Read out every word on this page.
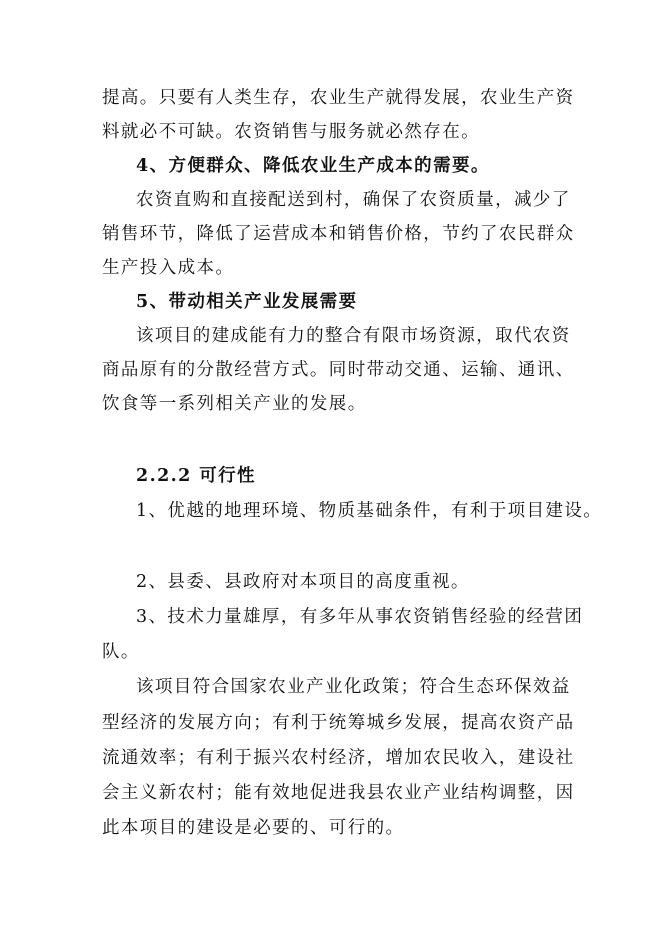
提高。只要有人类生存，农业生产就得发展，农业生产资
料就必不可缺。农资销售与服务就必然存在。
4、方便群众、降低农业生产成本的需要。
农资直购和直接配送到村，确保了农资质量，减少了
销售环节，降低了运营成本和销售价格，节约了农民群众
生产投入成本。
5、带动相关产业发展需要
该项目的建成能有力的整合有限市场资源，取代农资
商品原有的分散经营方式。同时带动交通、运输、通讯、
饮食等一系列相关产业的发展。
2.2.2 可行性
1、优越的地理环境、物质基础条件，有利于项目建设。
2、县委、县政府对本项目的高度重视。
3、技术力量雄厚，有多年从事农资销售经验的经营团
队。
该项目符合国家农业产业化政策；符合生态环保效益
型经济的发展方向；有利于统筹城乡发展，提高农资产品
流通效率；有利于振兴农村经济，增加农民收入，建设社
会主义新农村；能有效地促进我县农业产业结构调整，因
此本项目的建设是必要的、可行的。
